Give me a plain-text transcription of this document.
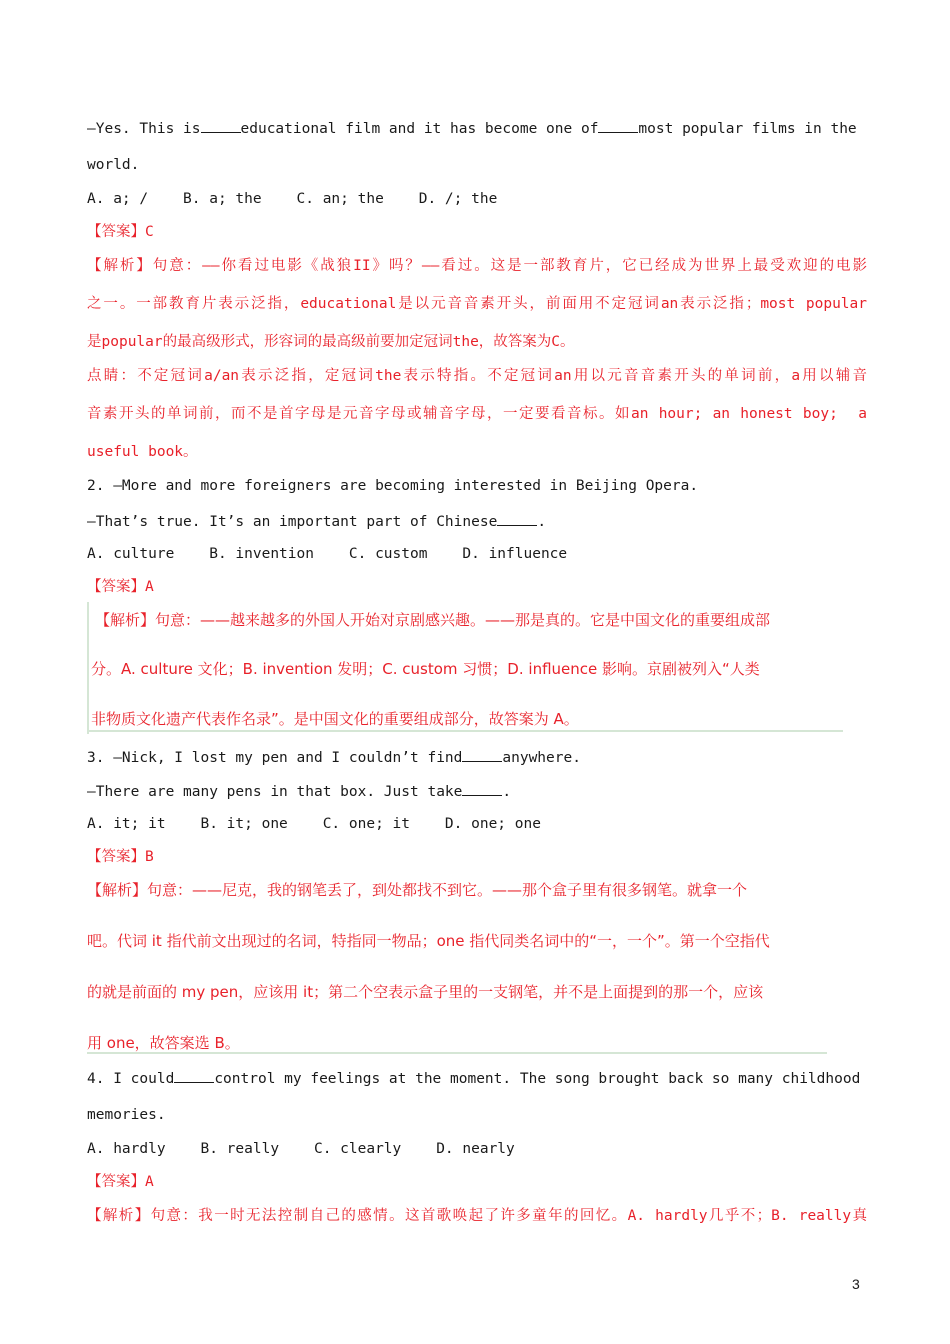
—Yes. This is	educational film and it has become one of	most popular films in the
world.
A. a; /    B. a; the    C. an; the    D. /; the
【答案】C
【解析】句意：——你看过电影《战狼II》吗？——看过。这是一部教育片，它已经成为世界上最受欢迎的电影
之一。一部教育片表示泛指，educational是以元音音素开头，前面用不定冠词an表示泛指；most popular
是popular的最高级形式，形容词的最高级前要加定冠词the，故答案为C。
点睛：不定冠词a/an表示泛指，定冠词the表示特指。不定冠词an用以元音音素开头的单词前，a用以辅音
音素开头的单词前，而不是首字母是元音字母或辅音字母，一定要看音标。如an hour; an honest boy;  a
useful book。
2. —More and more foreigners are becoming interested in Beijing Opera.
—That’s true. It’s an important part of Chinese	.
A. culture    B. invention    C. custom    D. influence
【答案】A
【解析】句意：——越来越多的外国人开始对京剧感兴趣。——那是真的。它是中国文化的重要组成部
分。A. culture 文化；B. invention 发明；C. custom 习惯；D. influence 影响。京剧被列入“人类
非物质文化遗产代表作名录”。是中国文化的重要组成部分，故答案为 A。
3. —Nick, I lost my pen and I couldn’t find	anywhere.
—There are many pens in that box. Just take	.
A. it; it    B. it; one    C. one; it    D. one; one
【答案】B
【解析】句意：——尼克，我的钢笔丢了，到处都找不到它。——那个盒子里有很多钢笔。就拿一个
吧。代词 it 指代前文出现过的名词，特指同一物品；one 指代同类名词中的“一，一个”。第一个空指代
的就是前面的 my pen，应该用 it；第二个空表示盒子里的一支钢笔，并不是上面提到的那一个，应该
用 one，故答案选 B。
4. I could	control my feelings at the moment. The song brought back so many childhood
memories.
A. hardly    B. really    C. clearly    D. nearly
【答案】A
【解析】句意：我一时无法控制自己的感情。这首歌唤起了许多童年的回忆。A. hardly几乎不；B. really真
3
